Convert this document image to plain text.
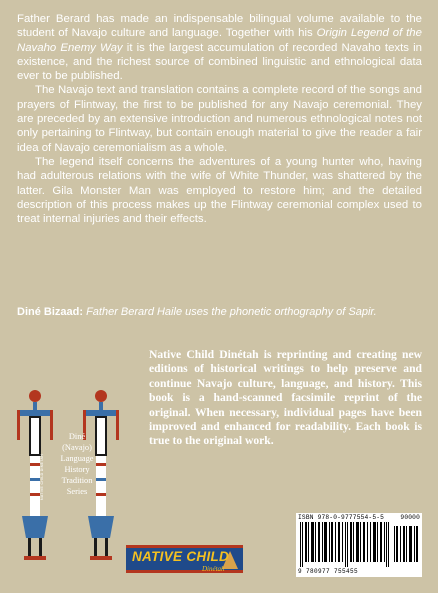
Father Berard has made an indispensable bilingual volume available to the student of Navajo culture and language. Together with his Origin Legend of the Navaho Enemy Way it is the largest accumulation of recorded Navaho texts in existence, and the richest source of combined linguistic and ethnological data ever to be published.

The Navajo text and translation contains a complete record of the songs and prayers of Flintway, the first to be published for any Navajo ceremonial. They are preceded by an extensive introduction and numerous ethnological notes not only pertaining to Flintway, but contain enough material to give the reader a fair idea of Navajo ceremonialism as a whole.

The legend itself concerns the adventures of a young hunter who, having had adulterous relations with the wife of White Thunder, was shattered by the latter. Gila Monster Man was employed to restore him; and the detailed description of this process makes up the Flintway ceremonial complex used to treat internal injuries and their effects.

Diné Bizaad: Father Berard Haile uses the phonetic orthography of Sapir.
NATIVE CHILD DINÉTAH
Diné
(Navajo)
Language
History
Tradition
Series
Native Child Dinétah is reprinting and creating new editions of historical writings to help preserve and continue Navajo culture, language, and history. This book is a hand-scanned facsimile reprint of the original. When necessary, individual pages have been improved and enhanced for readability. Each book is true to the original work.
NATIVE CHILD
Dinétah
ISBN 978-0-9777554-5-5	90000
9 780977 755455
